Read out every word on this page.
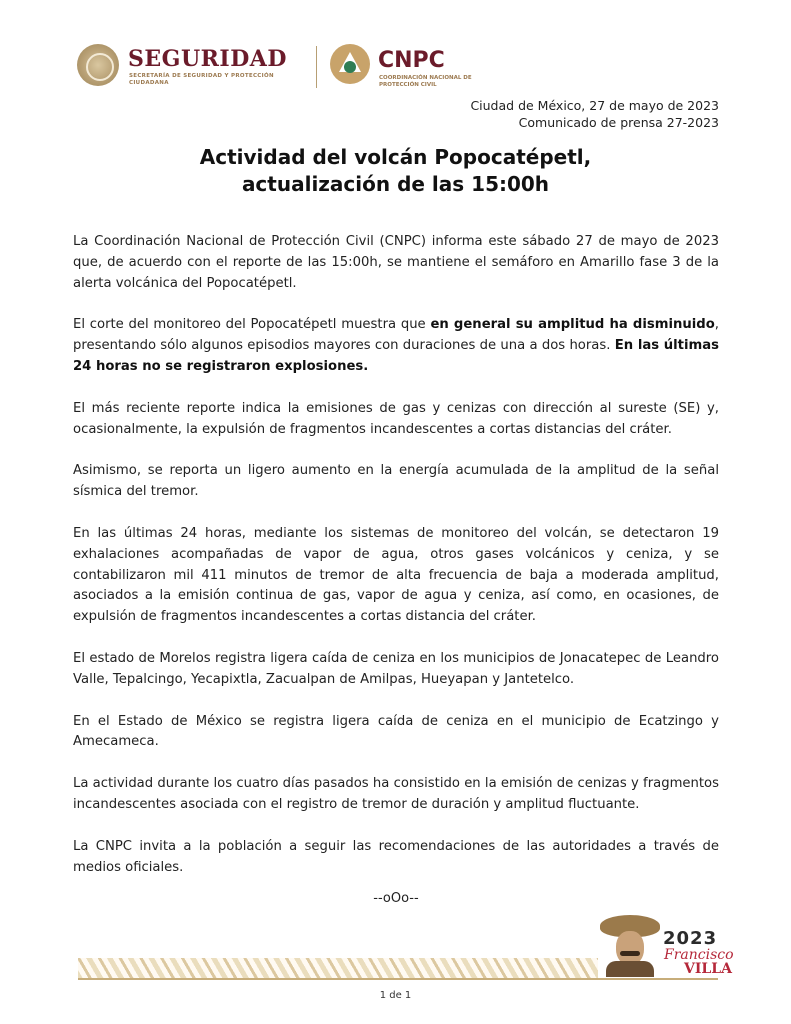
SEGURIDAD
SECRETARÍA DE SEGURIDAD Y PROTECCIÓN CIUDADANA
CNPC
COORDINACIÓN NACIONAL DE PROTECCIÓN CIVIL
Ciudad de México, 27 de mayo de 2023
Comunicado de prensa 27-2023
Actividad del volcán Popocatépetl,
actualización de las 15:00h

La Coordinación Nacional de Protección Civil (CNPC) informa este sábado 27 de mayo de 2023 que, de acuerdo con el reporte de las 15:00h, se mantiene el semáforo en Amarillo fase 3 de la alerta volcánica del Popocatépetl.

El corte del monitoreo del Popocatépetl muestra que en general su amplitud ha disminuido, presentando sólo algunos episodios mayores con duraciones de una a dos horas. En las últimas 24 horas no se registraron explosiones.

El más reciente reporte indica la emisiones de gas y cenizas con dirección al sureste (SE) y, ocasionalmente, la expulsión de fragmentos incandescentes a cortas distancias del cráter.

Asimismo, se reporta un ligero aumento en la energía acumulada de la amplitud de la señal sísmica del tremor.

En las últimas 24 horas, mediante los sistemas de monitoreo del volcán, se detectaron 19 exhalaciones acompañadas de vapor de agua, otros gases volcánicos y ceniza, y se contabilizaron mil 411 minutos de tremor de alta frecuencia de baja a moderada amplitud, asociados a la emisión continua de gas, vapor de agua y ceniza, así como, en ocasiones, de expulsión de fragmentos incandescentes a cortas distancia del cráter.

El estado de Morelos registra ligera caída de ceniza en los municipios de Jonacatepec de Leandro Valle, Tepalcingo, Yecapixtla, Zacualpan de Amilpas, Hueyapan y Jantetelco.

En el Estado de México se registra ligera caída de ceniza en el municipio de Ecatzingo y Amecameca.

La actividad durante los cuatro días pasados ha consistido en la emisión de cenizas y fragmentos incandescentes asociada con el registro de tremor de duración y amplitud fluctuante.

La CNPC invita a la población a seguir las recomendaciones de las autoridades a través de medios oficiales.

--oOo--
2023
Francisco
VILLA
1 de 1
